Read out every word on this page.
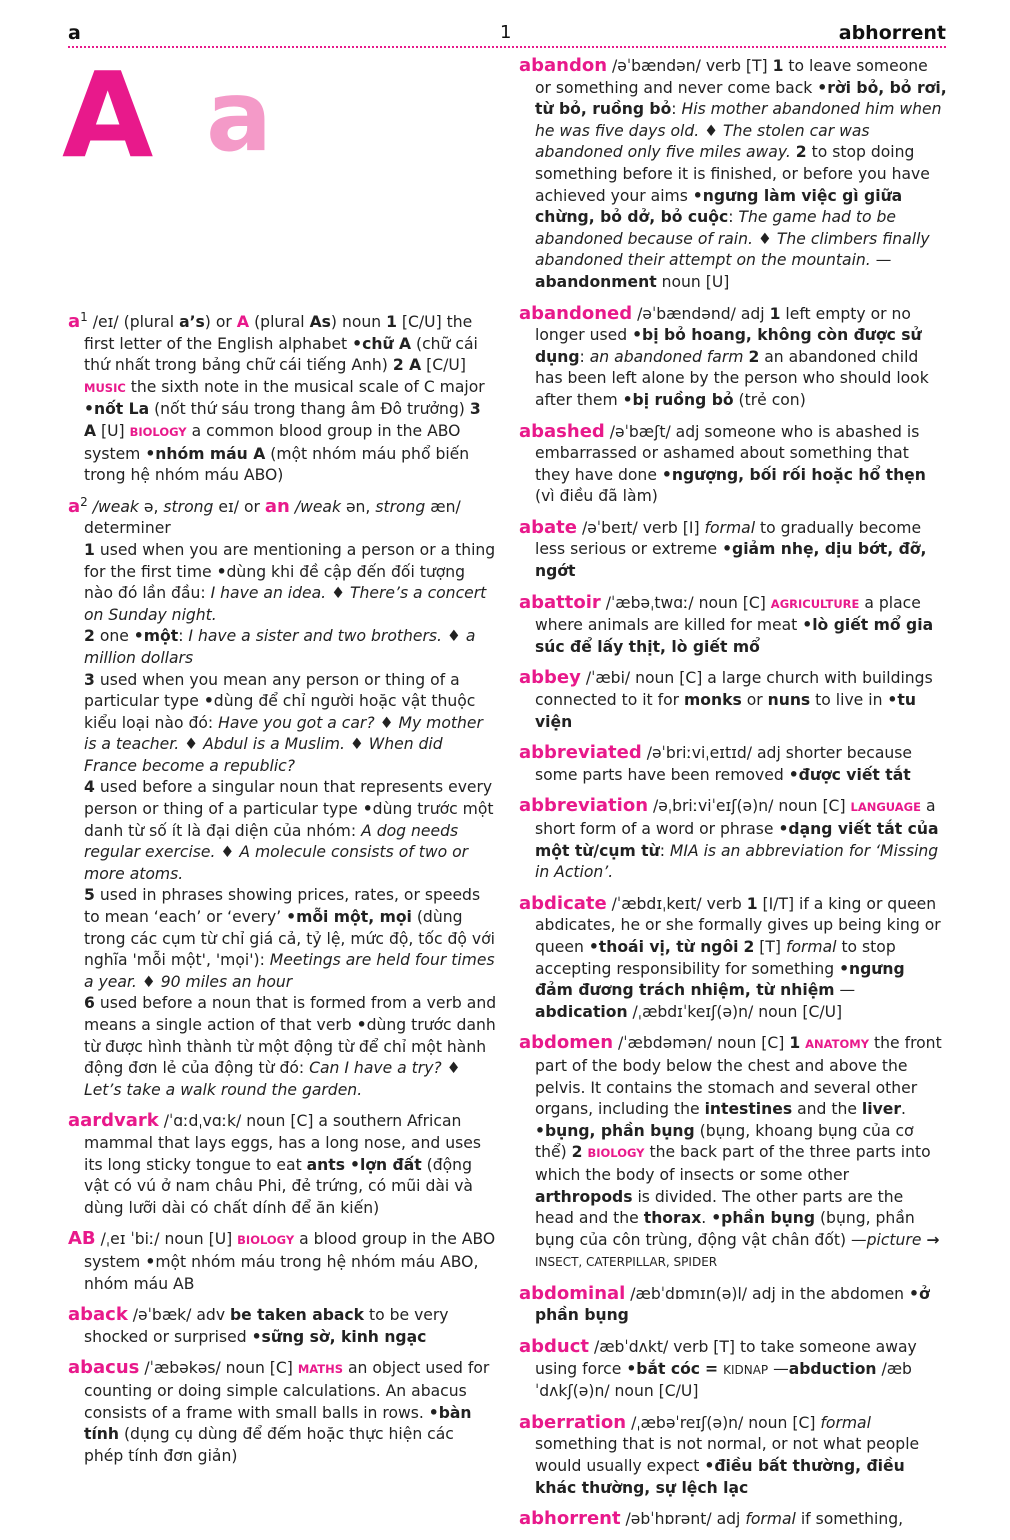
a	1	abhorrent
A a
$a^1$ /eɪ/ (plural a’s) or A (plural As) noun 1 [C/U] the first letter of the English alphabet •chữ A (chữ cái thứ nhất trong bảng chữ cái tiếng Anh) 2 A [C/U] MUSIC the sixth note in the musical scale of C major •nốt La (nốt thứ sáu trong thang âm Đô trưởng) 3 A [U] BIOLOGY a common blood group in the ABO system •nhóm máu A (một nhóm máu phổ biến trong hệ nhóm máu ABO)
$a^2$ /weak ə, strong eɪ/ or an /weak ən, strong æn/ determiner

1 used when you are mentioning a person or a thing for the first time •dùng khi đề cập đến đối tượng nào đó lần đầu: I have an idea. ♦ There’s a concert on Sunday night.

2 one •một: I have a sister and two brothers. ♦ a million dollars

3 used when you mean any person or thing of a particular type •dùng để chỉ người hoặc vật thuộc kiểu loại nào đó: Have you got a car? ♦ My mother is a teacher. ♦ Abdul is a Muslim. ♦ When did France become a republic?

4 used before a singular noun that represents every person or thing of a particular type •dùng trước một danh từ số ít là đại diện của nhóm: A dog needs regular exercise. ♦ A molecule consists of two or more atoms.

5 used in phrases showing prices, rates, or speeds to mean ‘each’ or ‘every’ •mỗi một, mọi (dùng trong các cụm từ chỉ giá cả, tỷ lệ, mức độ, tốc độ với nghĩa 'mỗi một', 'mọi'): Meetings are held four times a year. ♦ 90 miles an hour

6 used before a noun that is formed from a verb and means a single action of that verb •dùng trước danh từ được hình thành từ một động từ để chỉ một hành động đơn lẻ của động từ đó: Can I have a try? ♦ Let’s take a walk round the garden.

aardvark /ˈɑːdˌvɑːk/ noun [C] a southern African mammal that lays eggs, has a long nose, and uses its long sticky tongue to eat ants •lợn đất (động vật có vú ở nam châu Phi, đẻ trứng, có mũi dài và dùng lưỡi dài có chất dính để ăn kiến)
AB /ˌeɪ ˈbiː/ noun [U] BIOLOGY a blood group in the ABO system •một nhóm máu trong hệ nhóm máu ABO, nhóm máu AB
aback /əˈbæk/ adv be taken aback to be very shocked or surprised •sững sờ, kinh ngạc
abacus /ˈæbəkəs/ noun [C] MATHS an object used for counting or doing simple calculations. An abacus consists of a frame with small balls in rows. •bàn tính (dụng cụ dùng để đếm hoặc thực hiện các phép tính đơn giản)
abandon /əˈbændən/ verb [T] 1 to leave someone or something and never come back •rời bỏ, bỏ rơi, từ bỏ, ruồng bỏ: His mother abandoned him when he was five days old. ♦ The stolen car was abandoned only five miles away. 2 to stop doing something before it is finished, or before you have achieved your aims •ngưng làm việc gì giữa chừng, bỏ dở, bỏ cuộc: The game had to be abandoned because of rain. ♦ The climbers finally abandoned their attempt on the mountain. —abandonment noun [U]
abandoned /əˈbændənd/ adj 1 left empty or no longer used •bị bỏ hoang, không còn được sử dụng: an abandoned farm 2 an abandoned child has been left alone by the person who should look after them •bị ruồng bỏ (trẻ con)
abashed /əˈbæʃt/ adj someone who is abashed is embarrassed or ashamed about something that they have done •ngượng, bối rối hoặc hổ thẹn (vì điều đã làm)
abate /əˈbeɪt/ verb [I] formal to gradually become less serious or extreme •giảm nhẹ, dịu bớt, đỡ, ngớt
abattoir /ˈæbəˌtwɑː/ noun [C] AGRICULTURE a place where animals are killed for meat •lò giết mổ gia súc để lấy thịt, lò giết mổ
abbey /ˈæbi/ noun [C] a large church with buildings connected to it for monks or nuns to live in •tu viện
abbreviated /əˈbriːviˌeɪtɪd/ adj shorter because some parts have been removed •được viết tắt
abbreviation /əˌbriːviˈeɪʃ(ə)n/ noun [C] LANGUAGE a short form of a word or phrase •dạng viết tắt của một từ/cụm từ: MIA is an abbreviation for ‘Missing in Action’.
abdicate /ˈæbdɪˌkeɪt/ verb 1 [I/T] if a king or queen abdicates, he or she formally gives up being king or queen •thoái vị, từ ngôi 2 [T] formal to stop accepting responsibility for something •ngưng đảm đương trách nhiệm, từ nhiệm —abdication /ˌæbdɪˈkeɪʃ(ə)n/ noun [C/U]
abdomen /ˈæbdəmən/ noun [C] 1 ANATOMY the front part of the body below the chest and above the pelvis. It contains the stomach and several other organs, including the intestines and the liver. •bụng, phần bụng (bụng, khoang bụng của cơ thể) 2 BIOLOGY the back part of the three parts into which the body of insects or some other arthropods is divided. The other parts are the head and the thorax. •phần bụng (bụng, phần bụng của côn trùng, động vật chân đốt) —picture → INSECT, CATERPILLAR, SPIDER
abdominal /æbˈdɒmɪn(ə)l/ adj in the abdomen •ở phần bụng
abduct /æbˈdʌkt/ verb [T] to take someone away using force •bắt cóc = KIDNAP —abduction /æbˈdʌkʃ(ə)n/ noun [C/U]
aberration /ˌæbəˈreɪʃ(ə)n/ noun [C] formal something that is not normal, or not what people would usually expect •điều bất thường, điều khác thường, sự lệch lạc
abhorrent /əbˈhɒrənt/ adj formal if something,
